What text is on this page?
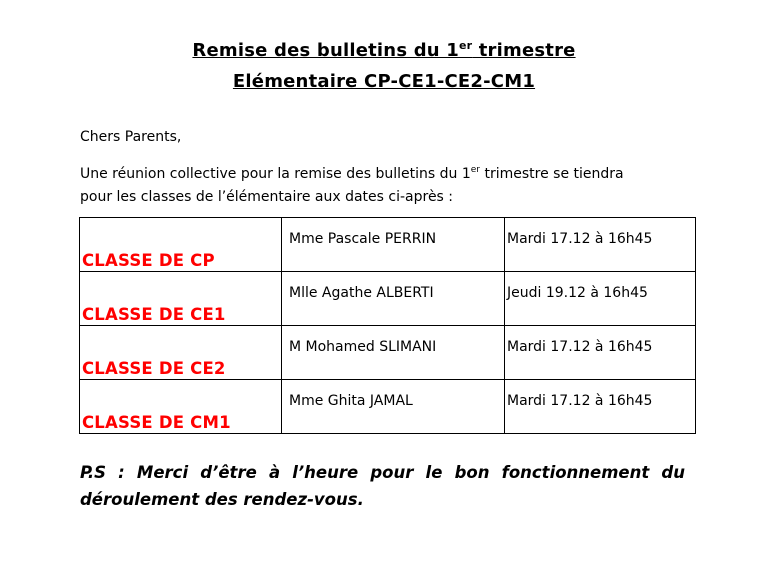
Remise des bulletins du 1er trimestre
Elémentaire CP-CE1-CE2-CM1
Chers Parents,
Une réunion collective pour la remise des bulletins du 1er trimestre se tiendra
pour les classes de l’élémentaire aux dates ci-après :
CLASSE DE CP	Mme Pascale PERRIN	Mardi 17.12 à 16h45
CLASSE DE CE1	Mlle Agathe ALBERTI	Jeudi 19.12 à 16h45
CLASSE DE CE2	M Mohamed SLIMANI	Mardi 17.12 à 16h45
CLASSE DE CM1	Mme Ghita JAMAL	Mardi 17.12 à 16h45
P.S : Merci d’être à l’heure pour le bon fonctionnement du
déroulement des rendez-vous.
